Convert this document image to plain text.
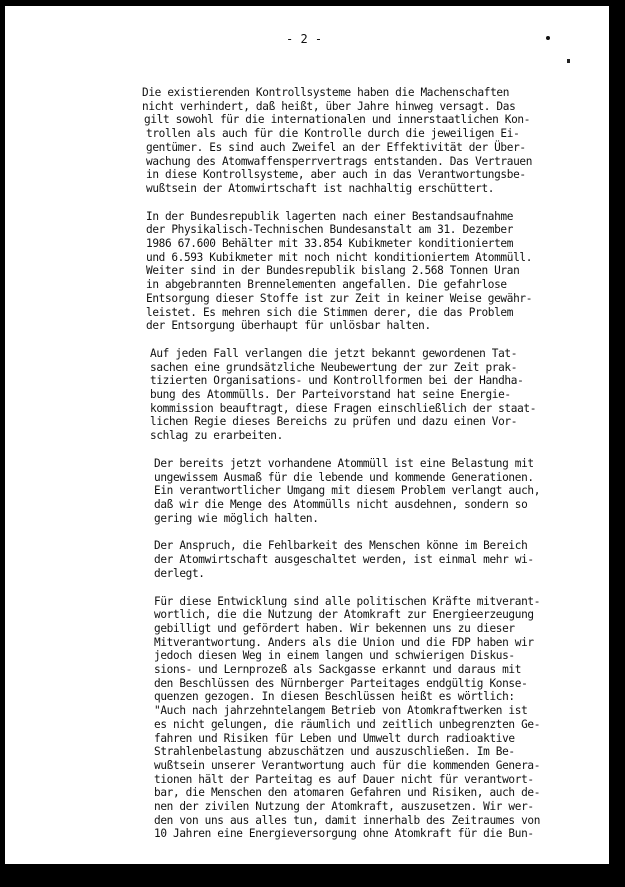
- 2 -
Die existierenden Kontrollsysteme haben die Machenschaften
nicht verhindert, daß heißt, über Jahre hinweg versagt. Das
gilt sowohl für die internationalen und innerstaatlichen Kon-
trollen als auch für die Kontrolle durch die jeweiligen Ei-
gentümer. Es sind auch Zweifel an der Effektivität der Über-
wachung des Atomwaffensperrvertrags entstanden. Das Vertrauen
in diese Kontrollsysteme, aber auch in das Verantwortungsbe-
wußtsein der Atomwirtschaft ist nachhaltig erschüttert.
In der Bundesrepublik lagerten nach einer Bestandsaufnahme
der Physikalisch-Technischen Bundesanstalt am 31. Dezember
1986 67.600 Behälter mit 33.854 Kubikmeter konditioniertem
und 6.593 Kubikmeter mit noch nicht konditioniertem Atommüll.
Weiter sind in der Bundesrepublik bislang 2.568 Tonnen Uran
in abgebrannten Brennelementen angefallen. Die gefahrlose
Entsorgung dieser Stoffe ist zur Zeit in keiner Weise gewähr-
leistet. Es mehren sich die Stimmen derer, die das Problem
der Entsorgung überhaupt für unlösbar halten.
Auf jeden Fall verlangen die jetzt bekannt gewordenen Tat-
sachen eine grundsätzliche Neubewertung der zur Zeit prak-
tizierten Organisations- und Kontrollformen bei der Handha-
bung des Atommülls. Der Parteivorstand hat seine Energie-
kommission beauftragt, diese Fragen einschließlich der staat-
lichen Regie dieses Bereichs zu prüfen und dazu einen Vor-
schlag zu erarbeiten.
Der bereits jetzt vorhandene Atommüll ist eine Belastung mit
ungewissem Ausmaß für die lebende und kommende Generationen.
Ein verantwortlicher Umgang mit diesem Problem verlangt auch,
daß wir die Menge des Atommülls nicht ausdehnen, sondern so
gering wie möglich halten.
Der Anspruch, die Fehlbarkeit des Menschen könne im Bereich
der Atomwirtschaft ausgeschaltet werden, ist einmal mehr wi-
derlegt.
Für diese Entwicklung sind alle politischen Kräfte mitverant-
wortlich, die die Nutzung der Atomkraft zur Energieerzeugung
gebilligt und gefördert haben. Wir bekennen uns zu dieser
Mitverantwortung. Anders als die Union und die FDP haben wir
jedoch diesen Weg in einem langen und schwierigen Diskus-
sions- und Lernprozeß als Sackgasse erkannt und daraus mit
den Beschlüssen des Nürnberger Parteitages endgültig Konse-
quenzen gezogen. In diesen Beschlüssen heißt es wörtlich:
"Auch nach jahrzehntelangem Betrieb von Atomkraftwerken ist
es nicht gelungen, die räumlich und zeitlich unbegrenzten Ge-
fahren und Risiken für Leben und Umwelt durch radioaktive
Strahlenbelastung abzuschätzen und auszuschließen. Im Be-
wußtsein unserer Verantwortung auch für die kommenden Genera-
tionen hält der Parteitag es auf Dauer nicht für verantwort-
bar, die Menschen den atomaren Gefahren und Risiken, auch de-
nen der zivilen Nutzung der Atomkraft, auszusetzen. Wir wer-
den von uns aus alles tun, damit innerhalb des Zeitraumes von
10 Jahren eine Energieversorgung ohne Atomkraft für die Bun-
